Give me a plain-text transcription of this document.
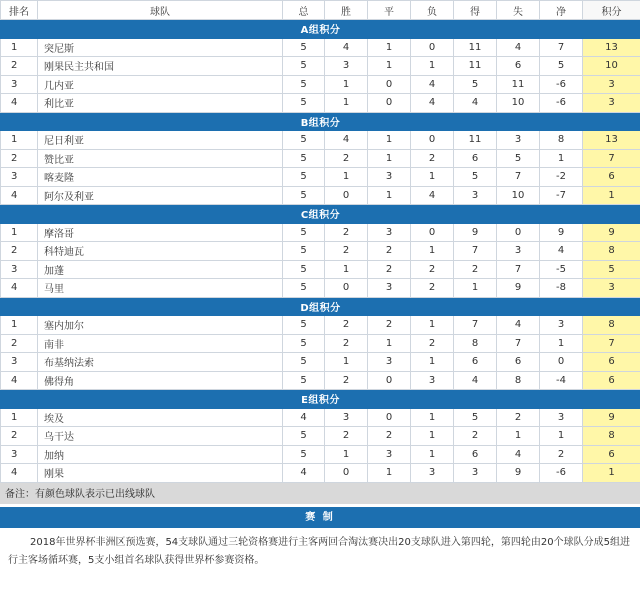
排名	球队	总	胜	平	负	得	失	净	积分
A组积分									
1	突尼斯	5	4	1	0	11	4	7	13
2	刚果民主共和国	5	3	1	1	11	6	5	10
3	几内亚	5	1	0	4	5	11	-6	3
4	利比亚	5	1	0	4	4	10	-6	3
B组积分									
1	尼日利亚	5	4	1	0	11	3	8	13
2	赞比亚	5	2	1	2	6	5	1	7
3	喀麦隆	5	1	3	1	5	7	-2	6
4	阿尔及利亚	5	0	1	4	3	10	-7	1
C组积分									
1	摩洛哥	5	2	3	0	9	0	9	9
2	科特迪瓦	5	2	2	1	7	3	4	8
3	加蓬	5	1	2	2	2	7	-5	5
4	马里	5	0	3	2	1	9	-8	3
D组积分									
1	塞内加尔	5	2	2	1	7	4	3	8
2	南非	5	2	1	2	8	7	1	7
3	布基纳法索	5	1	3	1	6	6	0	6
4	佛得角	5	2	0	3	4	8	-4	6
E组积分									
1	埃及	4	3	0	1	5	2	3	9
2	乌干达	5	2	2	1	2	1	1	8
3	加纳	5	1	3	1	6	4	2	6
4	刚果	4	0	1	3	3	9	-6	1
备注：有颜色球队表示已出线球队									
赛 制
2018年世界杯非洲区预选赛，54支球队通过三轮资格赛进行主客两回合淘汰赛决出20支球队进入第四轮，第四轮由20个球队分成5组进行主客场循环赛，5支小组首名球队获得世界杯参赛资格。
